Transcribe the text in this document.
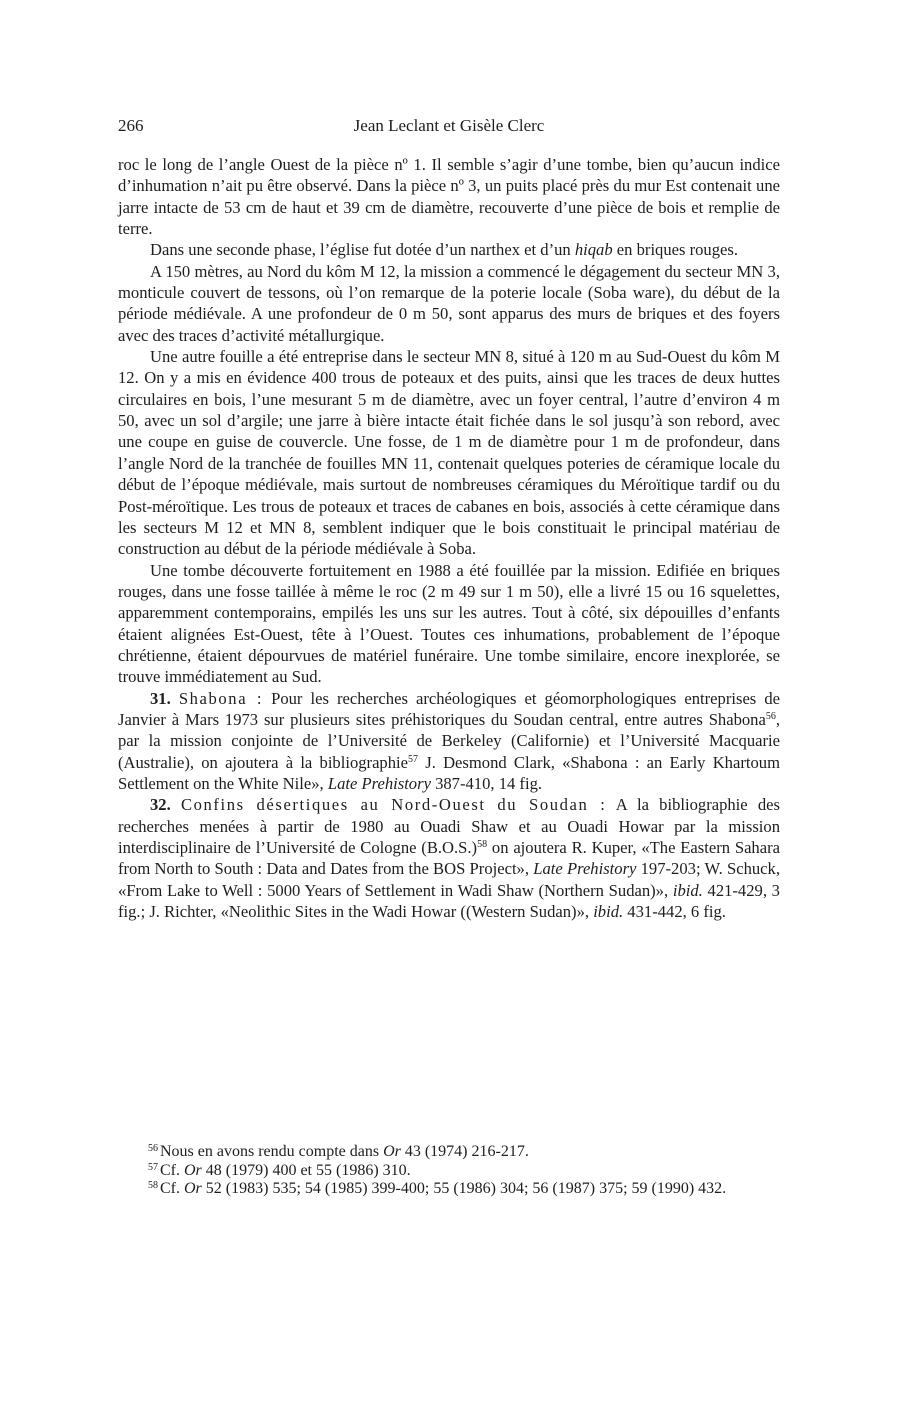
266	Jean Leclant et Gisèle Clerc

roc le long de l’angle Ouest de la pièce nº 1. Il semble s’agir d’une tombe, bien qu’aucun indice d’inhumation n’ait pu être observé. Dans la pièce nº 3, un puits placé près du mur Est contenait une jarre intacte de 53 cm de haut et 39 cm de diamètre, recouverte d’une pièce de bois et remplie de terre.

Dans une seconde phase, l’église fut dotée d’un narthex et d’un hiqab en briques rouges.

A 150 mètres, au Nord du kôm M 12, la mission a commencé le dégagement du secteur MN 3, monticule couvert de tessons, où l’on remarque de la poterie locale (Soba ware), du début de la période médiévale. A une profondeur de 0 m 50, sont apparus des murs de briques et des foyers avec des traces d’activité métallurgique.

Une autre fouille a été entreprise dans le secteur MN 8, situé à 120 m au Sud-Ouest du kôm M 12. On y a mis en évidence 400 trous de poteaux et des puits, ainsi que les traces de deux huttes circulaires en bois, l’une mesurant 5 m de diamètre, avec un foyer central, l’autre d’environ 4 m 50, avec un sol d’argile; une jarre à bière intacte était fichée dans le sol jusqu’à son rebord, avec une coupe en guise de couvercle. Une fosse, de 1 m de diamètre pour 1 m de profondeur, dans l’angle Nord de la tranchée de fouilles MN 11, contenait quelques poteries de céramique locale du début de l’époque médiévale, mais surtout de nombreuses céramiques du Méroïtique tardif ou du Post-méroïtique. Les trous de poteaux et traces de cabanes en bois, associés à cette céramique dans les secteurs M 12 et MN 8, semblent indiquer que le bois constituait le principal matériau de construction au début de la période médiévale à Soba.

Une tombe découverte fortuitement en 1988 a été fouillée par la mission. Edifiée en briques rouges, dans une fosse taillée à même le roc (2 m 49 sur 1 m 50), elle a livré 15 ou 16 squelettes, apparemment contemporains, empilés les uns sur les autres. Tout à côté, six dépouilles d’enfants étaient alignées Est-Ouest, tête à l’Ouest. Toutes ces inhumations, probablement de l’époque chrétienne, étaient dépourvues de matériel funéraire. Une tombe similaire, encore inexplorée, se trouve immédiatement au Sud.

31. Shabona : Pour les recherches archéologiques et géomorphologiques entreprises de Janvier à Mars 1973 sur plusieurs sites préhistoriques du Soudan central, entre autres Shabona$^{56}$, par la mission conjointe de l’Université de Berkeley (Californie) et l’Université Macquarie (Australie), on ajoutera à la bibliographie$^{57}$ J. Desmond Clark, «Shabona : an Early Khartoum Settlement on the White Nile», Late Prehistory 387-410, 14 fig.

32. Confins désertiques au Nord-Ouest du Soudan : A la bibliographie des recherches menées à partir de 1980 au Ouadi Shaw et au Ouadi Howar par la mission interdisciplinaire de l’Université de Cologne $(B.O.S.)^{58}$ on ajoutera R. Kuper, «The Eastern Sahara from North to South : Data and Dates from the BOS Project», Late Prehistory 197-203; W. Schuck, «From Lake to Well : 5000 Years of Settlement in Wadi Shaw (Northern Sudan)», ibid. 421-429, 3 fig.; J. Richter, «Neolithic Sites in the Wadi Howar ((Western Sudan)», ibid. 431-442, 6 fig.

$^{56}$ Nous en avons rendu compte dans Or 43 (1974) 216-217.

$^{57}$ Cf. Or 48 (1979) 400 et 55 (1986) 310.

$^{58}$ Cf. Or 52 (1983) 535; 54 (1985) 399-400; 55 (1986) 304; 56 (1987) 375; 59 (1990) 432.
